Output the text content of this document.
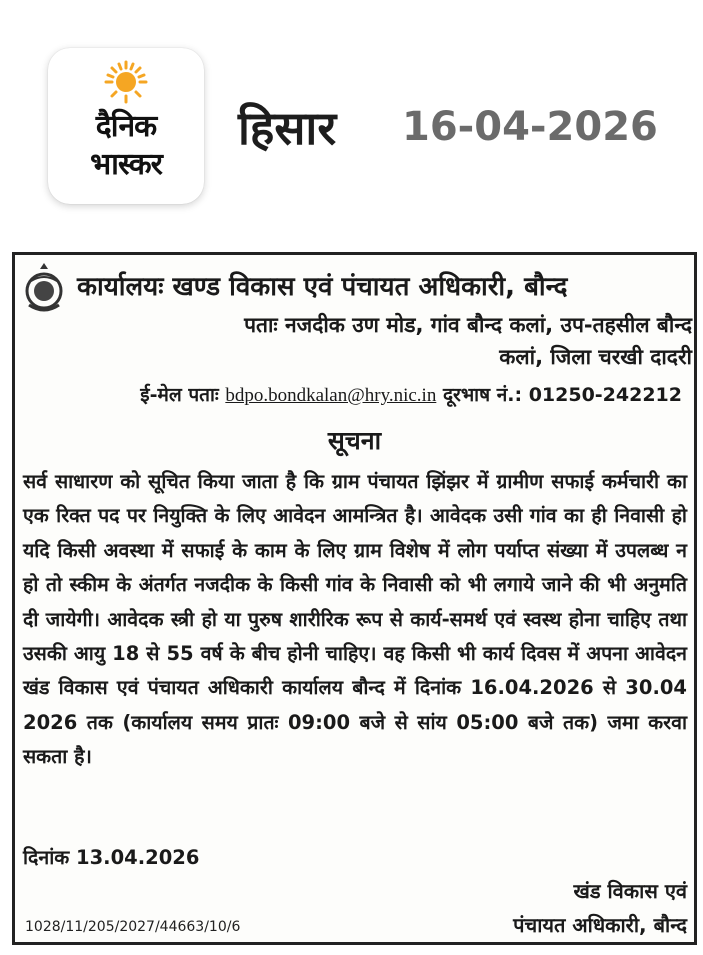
दैनिक
भास्कर
हिसार 16-04-2026
कार्यालयः खण्ड विकास एवं पंचायत अधिकारी, बौन्द
पताः नजदीक उण मोड, गांव बौन्द कलां, उप-तहसील बौन्द
कलां, जिला चरखी दादरी
ई-मेल पताः bdpo.bondkalan@hry.nic.in दूरभाष नं.: 01250-242212
सूचना
सर्व साधारण को सूचित किया जाता है कि ग्राम पंचायत झिंझर में ग्रामीण सफाई कर्मचारी का एक रिक्त पद पर नियुक्ति के लिए आवेदन आमन्त्रित है। आवेदक उसी गांव का ही निवासी हो यदि किसी अवस्था में सफाई के काम के लिए ग्राम विशेष में लोग पर्याप्त संख्या में उपलब्ध न हो तो स्कीम के अंतर्गत नजदीक के किसी गांव के निवासी को भी लगाये जाने की भी अनुमति दी जायेगी। आवेदक स्त्री हो या पुरुष शारीरिक रूप से कार्य-समर्थ एवं स्वस्थ होना चाहिए तथा उसकी आयु 18 से 55 वर्ष के बीच होनी चाहिए। वह किसी भी कार्य दिवस में अपना आवेदन खंड विकास एवं पंचायत अधिकारी कार्यालय बौन्द में दिनांक 16.04.2026 से 30.04 2026 तक (कार्यालय समय प्रातः 09:00 बजे से सांय 05:00 बजे तक) जमा करवा सकता है।
दिनांक 13.04.2026
खंड विकास एवं
पंचायत अधिकारी, बौन्द
1028/11/205/2027/44663/10/6
